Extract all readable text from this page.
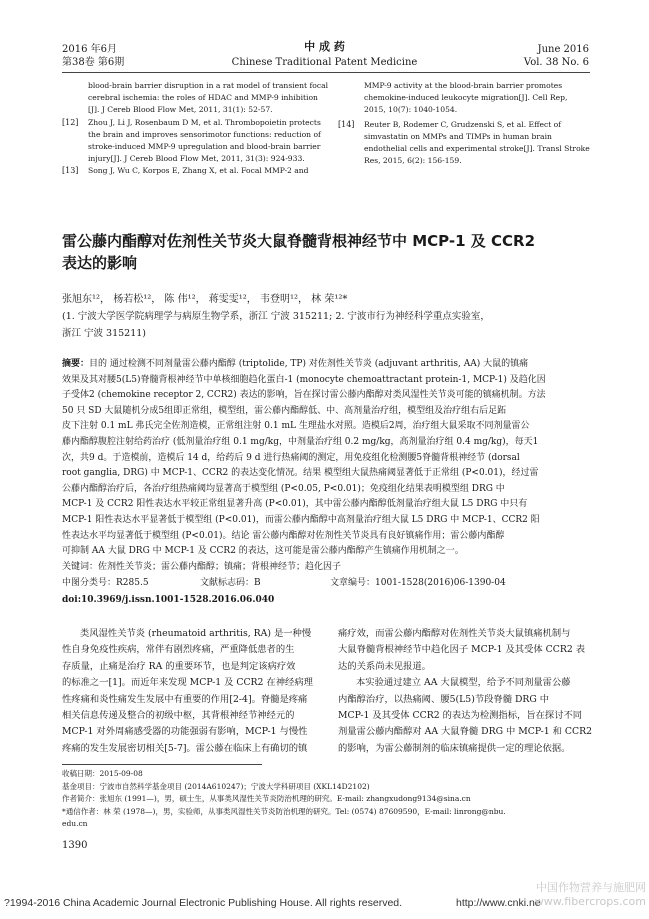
2016 年6月
第38卷 第6期
中 成 药
Chinese Traditional Patent Medicine
June 2016
Vol. 38 No. 6
blood-brain barrier disruption in a rat model of transient focal cerebral ischemia: the roles of HDAC and MMP-9 inhibition [J]. J Cereb Blood Flow Met, 2011, 31(1): 52-57.
[12]	Zhou J, Li J, Rosenbaum D M, et al. Thrombopoietin protects the brain and improves sensorimotor functions: reduction of stroke-induced MMP-9 upregulation and blood-brain barrier injury[J]. J Cereb Blood Flow Met, 2011, 31(3): 924-933.
[13]	Song J, Wu C, Korpos E, Zhang X, et al. Focal MMP-2 and
MMP-9 activity at the blood-brain barrier promotes chemokine-induced leukocyte migration[J]. Cell Rep, 2015, 10(7): 1040-1054.
[14]	Reuter B, Rodemer C, Grudzenski S, et al. Effect of simvastatin on MMPs and TIMPs in human brain endothelial cells and experimental stroke[J]. Transl Stroke Res, 2015, 6(2): 156-159.
雷公藤内酯醇对佐剂性关节炎大鼠脊髓背根神经节中 MCP-1 及 CCR2
表达的影响
张旭东¹²， 杨若松¹²， 陈 伟¹²， 蒋雯雯¹²， 韦登明¹²， 林 荣¹²*
(1. 宁波大学医学院病理学与病原生物学系，浙江 宁波 315211; 2. 宁波市行为神经科学重点实验室，
浙江 宁波 315211)
摘要：目的 通过检测不同剂量雷公藤内酯醇 (triptolide, TP) 对佐剂性关节炎 (adjuvant arthritis, AA) 大鼠的镇痛
效果及其对腰5(L5)脊髓背根神经节中单核细胞趋化蛋白-1 (monocyte chemoattractant protein-1, MCP-1) 及趋化因
子受体2 (chemokine receptor 2, CCR2) 表达的影响，旨在探讨雷公藤内酯醇对类风湿性关节炎可能的镇痛机制。方法
50 只 SD 大鼠随机分成5组即正常组，模型组，雷公藤内酯醇低、中、高剂量治疗组，模型组及治疗组右后足跖
皮下注射 0.1 mL 弗氏完全佐剂造模，正常组注射 0.1 mL 生理盐水对照。造模后2周，治疗组大鼠采取不同剂量雷公
藤内酯醇腹腔注射给药治疗 (低剂量治疗组 0.1 mg/kg，中剂量治疗组 0.2 mg/kg，高剂量治疗组 0.4 mg/kg)，每天1
次，共9 d。于造模前，造模后 14 d，给药后 9 d 进行热痛阈的测定，用免疫组化检测腰5脊髓背根神经节 (dorsal
root ganglia, DRG) 中 MCP-1、CCR2 的表达变化情况。结果 模型组大鼠热痛阈显著低于正常组 (P<0.01)，经过雷
公藤内酯醇治疗后，各治疗组热痛阈均显著高于模型组 (P<0.05, P<0.01)；免疫组化结果表明模型组 DRG 中
MCP-1 及 CCR2 阳性表达水平较正常组显著升高 (P<0.01)，其中雷公藤内酯醇低剂量治疗组大鼠 L5 DRG 中只有
MCP-1 阳性表达水平显著低于模型组 (P<0.01)，而雷公藤内酯醇中高剂量治疗组大鼠 L5 DRG 中 MCP-1、CCR2 阳
性表达水平均显著低于模型组 (P<0.01)。结论 雷公藤内酯醇对佐剂性关节炎具有良好镇痛作用；雷公藤内酯醇
可抑制 AA 大鼠 DRG 中 MCP-1 及 CCR2 的表达，这可能是雷公藤内酯醇产生镇痛作用机制之一。
关键词：佐剂性关节炎；雷公藤内酯醇；镇痛；背根神经节；趋化因子
中图分类号：R285.5	文献标志码：B	文章编号：1001-1528(2016)06-1390-04
doi:10.3969/j.issn.1001-1528.2016.06.040
类风湿性关节炎 (rheumatoid arthritis, RA) 是一种慢
性自身免疫性疾病，常伴有剧烈疼痛，严重降低患者的生
存质量，止痛是治疗 RA 的重要环节，也是判定该病疗效
的标准之一[1]。而近年来发现 MCP-1 及 CCR2 在神经病理
性疼痛和炎性痛发生发展中有重要的作用[2-4]。脊髓是疼痛
相关信息传递及整合的初级中枢，其背根神经节神经元的
MCP-1 对外周痛感受器的功能强弱有影响，MCP-1 与慢性
疼痛的发生发展密切相关[5-7]。雷公藤在临床上有确切的镇
痛疗效，而雷公藤内酯醇对佐剂性关节炎大鼠镇痛机制与
大鼠脊髓背根神经节中趋化因子 MCP-1 及其受体 CCR2 表
达的关系尚未见报道。
本实验通过建立 AA 大鼠模型，给予不同剂量雷公藤
内酯醇治疗，以热痛阈、腰5(L5)节段脊髓 DRG 中
MCP-1 及其受体 CCR2 的表达为检测指标，旨在探讨不同
剂量雷公藤内酯醇对 AA 大鼠脊髓 DRG 中 MCP-1 和 CCR2
的影响，为雷公藤制剂的临床镇痛提供一定的理论依据。
收稿日期：2015-09-08
基金项目：宁波市自然科学基金项目 (2014A610247)；宁波大学科研项目 (XKL14D2102)
作者简介：张旭东 (1991—)，男，硕士生，从事类风湿性关节炎防治机理的研究。E-mail: zhangxudong9134@sina.cn
*通信作者：林 荣 (1978—)，男，实验师，从事类风湿性关节炎防治机理的研究。Tel: (0574) 87609590，E-mail: linrong@nbu.
edu.cn
1390
?1994-2016 China Academic Journal Electronic Publishing House. All rights reserved.	http://www.cnki.ne
中国作物营养与施肥网 www.fibercrops.com
